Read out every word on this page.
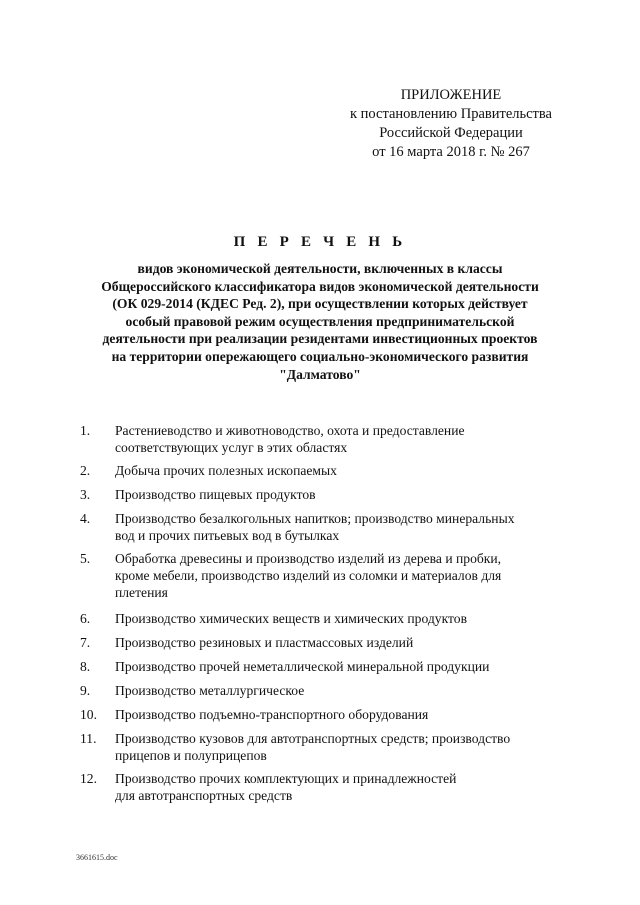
ПРИЛОЖЕНИЕ
к постановлению Правительства
Российской Федерации
от 16 марта 2018 г. № 267
П Е Р Е Ч Е Н Ь
видов экономической деятельности, включенных в классы
Общероссийского классификатора видов экономической деятельности
(ОК 029-2014 (КДЕС Ред. 2), при осуществлении которых действует
особый правовой режим осуществления предпринимательской
деятельности при реализации резидентами инвестиционных проектов
на территории опережающего социально-экономического развития
"Далматово"
1.	Растениеводство и животноводство, охота и предоставление
соответствующих услуг в этих областях
2.	Добыча прочих полезных ископаемых
3.	Производство пищевых продуктов
4.	Производство безалкогольных напитков; производство минеральных
вод и прочих питьевых вод в бутылках
5.	Обработка древесины и производство изделий из дерева и пробки,
кроме мебели, производство изделий из соломки и материалов для
плетения
6.	Производство химических веществ и химических продуктов
7.	Производство резиновых и пластмассовых изделий
8.	Производство прочей неметаллической минеральной продукции
9.	Производство металлургическое
10.	Производство подъемно-транспортного оборудования
11.	Производство кузовов для автотранспортных средств; производство
прицепов и полуприцепов
12.	Производство прочих комплектующих и принадлежностей
для автотранспортных средств
3661615.doc
